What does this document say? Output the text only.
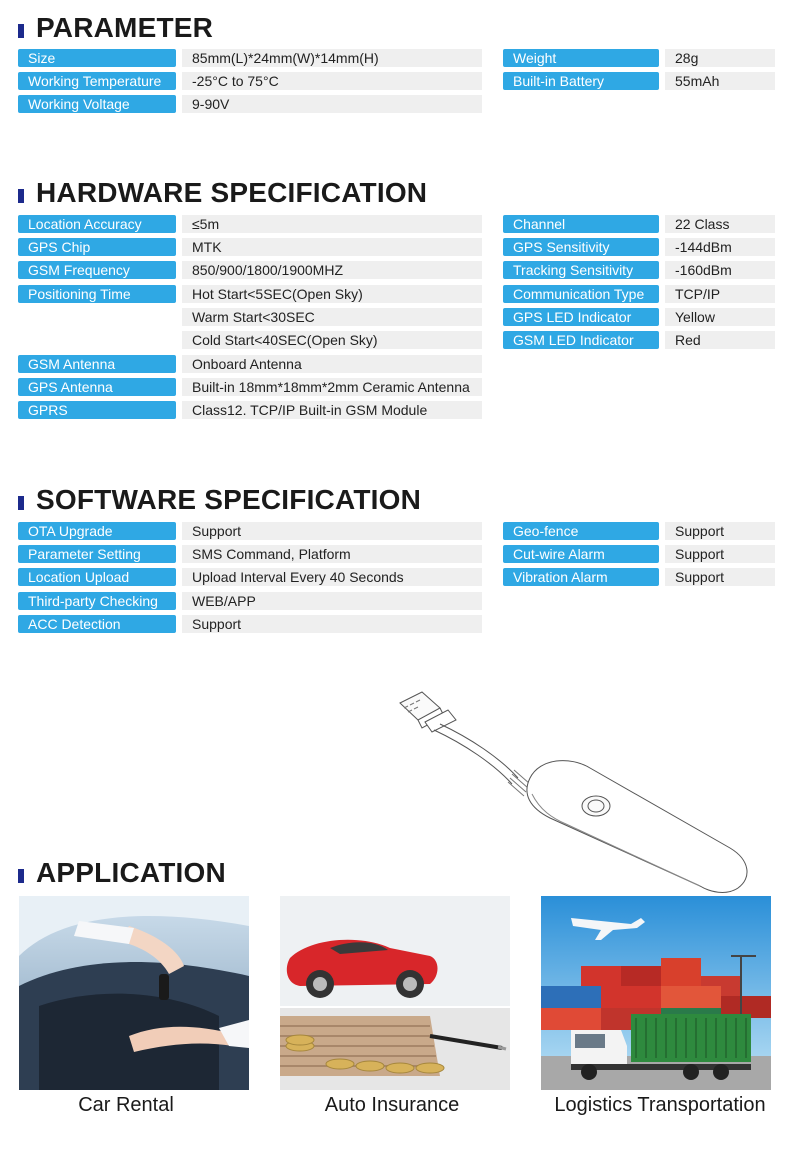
PARAMETER
Size	85mm(L)*24mm(W)*14mm(H)
Working Temperature	-25°C to 75°C
Working Voltage	9-90V
Weight	28g
Built-in Battery	55mAh
HARDWARE SPECIFICATION
Location Accuracy	≤5m
GPS Chip	MTK
GSM Frequency	850/900/1800/1900MHZ
Positioning Time	Hot Start<5SEC(Open Sky)
Warm Start<30SEC
Cold Start<40SEC(Open Sky)
GSM Antenna	Onboard Antenna
GPS Antenna	Built-in 18mm*18mm*2mm Ceramic Antenna
GPRS	Class12. TCP/IP Built-in GSM Module
Channel	22 Class
GPS Sensitivity	-144dBm
Tracking Sensitivity	-160dBm
Communication Type	TCP/IP
GPS LED Indicator	Yellow
GSM LED Indicator	Red
SOFTWARE SPECIFICATION
OTA Upgrade	Support
Parameter Setting	SMS Command, Platform
Location Upload	Upload Interval Every 40 Seconds
Third-party Checking	WEB/APP
ACC Detection	Support
Geo-fence	Support
Cut-wire Alarm	Support
Vibration Alarm	Support
APPLICATION
Car Rental	Auto Insurance	Logistics Transportation
